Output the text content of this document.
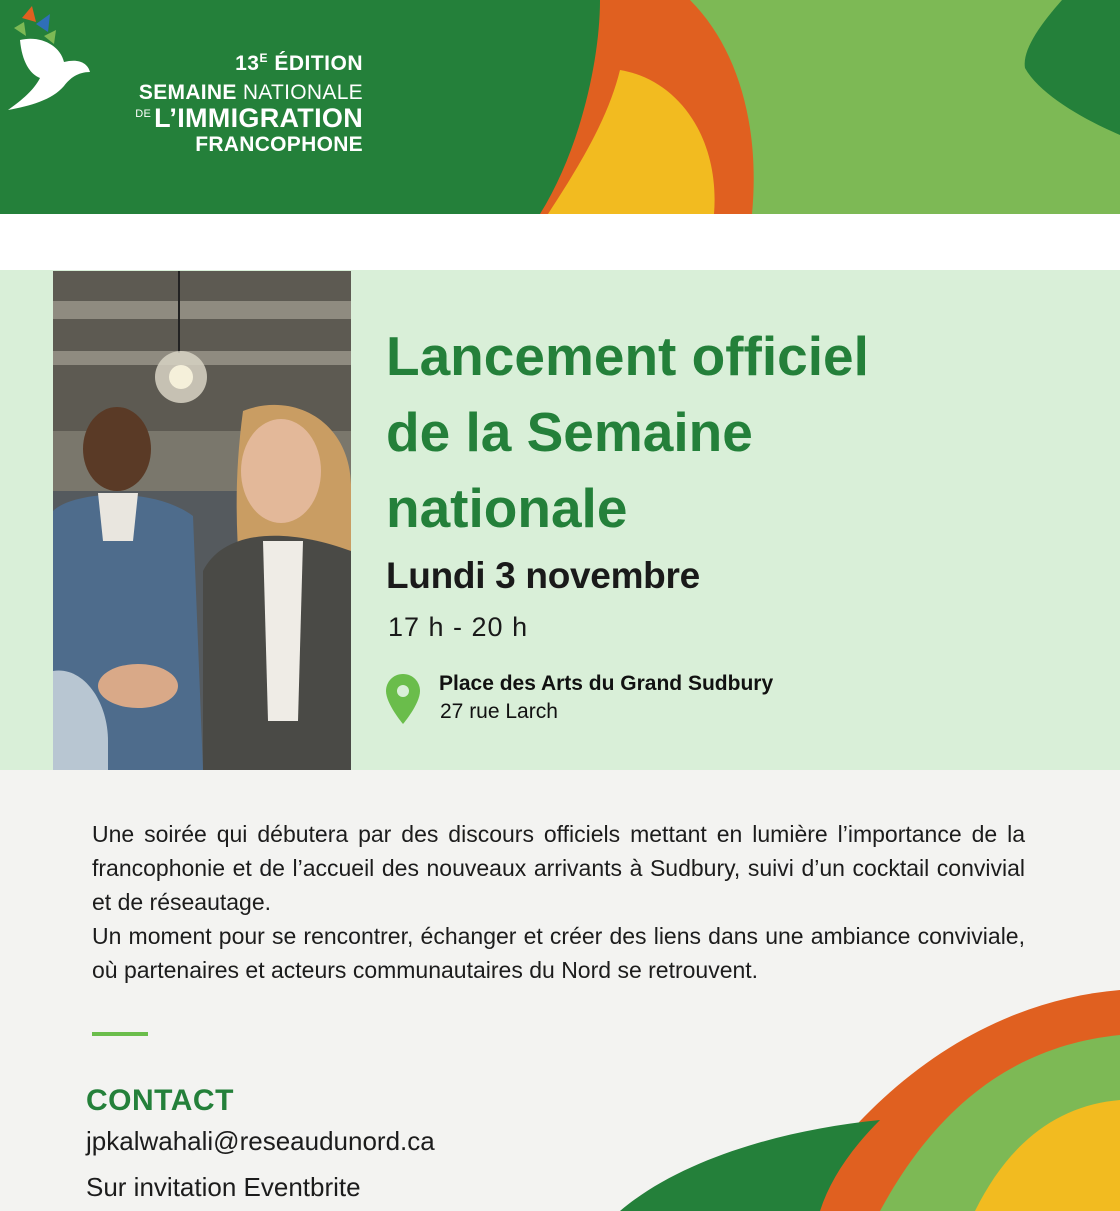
$13^E$ ÉDITION
SEMAINE NATIONALE
$^{DE}$ L’IMMIGRATION
FRANCOPHONE
Lancement officiel
de la Semaine
nationale
Lundi 3 novembre
17 h - 20 h
Place des Arts du Grand Sudbury
27 rue Larch

Une soirée qui débutera par des discours officiels mettant en lumière l’importance de la francophonie et de l’accueil des nouveaux arrivants à Sudbury, suivi d’un cocktail convivial et de réseautage.

Un moment pour se rencontrer, échanger et créer des liens dans une ambiance conviviale, où partenaires et acteurs communautaires du Nord se retrouvent.

CONTACT
jpkalwahali@reseaudunord.ca
Sur invitation Eventbrite
